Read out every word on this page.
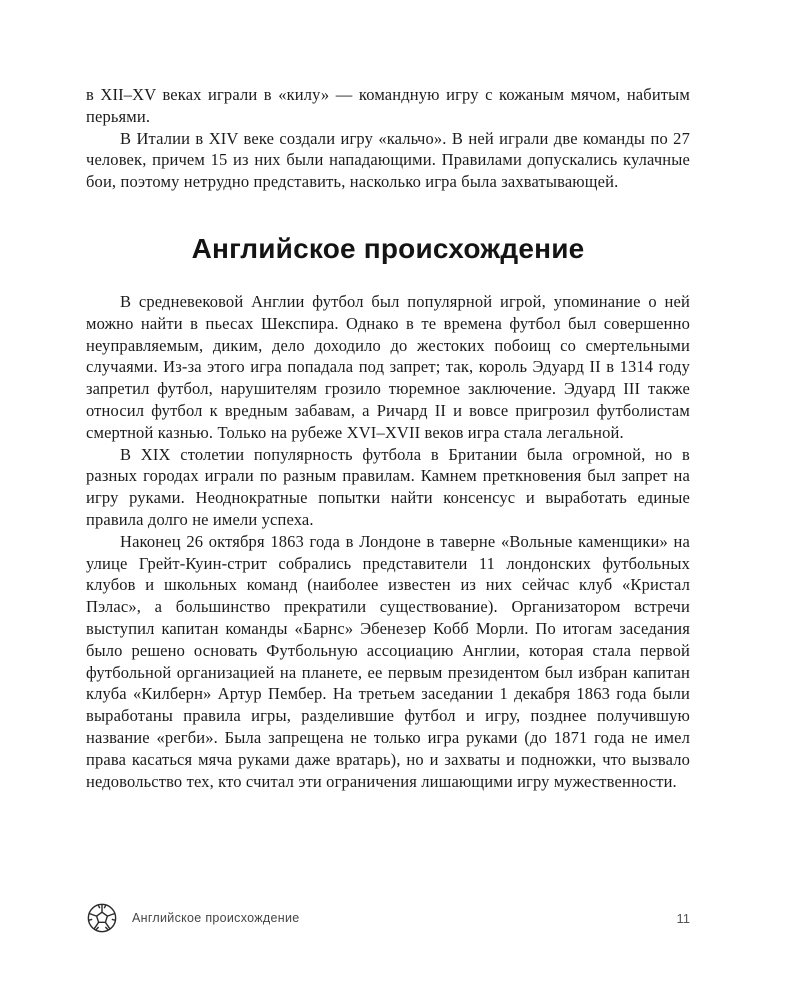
в XII–XV веках играли в «килу» — командную игру с кожаным мячом, набитым перьями.

В Италии в XIV веке создали игру «кальчо». В ней играли две команды по 27 человек, причем 15 из них были нападающими. Правилами допускались кулачные бои, поэтому нетрудно представить, насколько игра была захватывающей.

Английское происхождение

В средневековой Англии футбол был популярной игрой, упоминание о ней можно найти в пьесах Шекспира. Однако в те времена футбол был совершенно неуправляемым, диким, дело доходило до жестоких побоищ со смертельными случаями. Из-за этого игра попадала под запрет; так, король Эдуард II в 1314 году запретил футбол, нарушителям грозило тюремное заключение. Эдуард III также относил футбол к вредным забавам, а Ричард II и вовсе пригрозил футболистам смертной казнью. Только на рубеже XVI–XVII веков игра стала легальной.

В XIX столетии популярность футбола в Британии была огромной, но в разных городах играли по разным правилам. Камнем преткновения был запрет на игру руками. Неоднократные попытки найти консенсус и выработать единые правила долго не имели успеха.

Наконец 26 октября 1863 года в Лондоне в таверне «Вольные каменщики» на улице Грейт-Куин-стрит собрались представители 11 лондонских футбольных клубов и школьных команд (наиболее известен из них сейчас клуб «Кристал Пэлас», а большинство прекратили существование). Организатором встречи выступил капитан команды «Барнс» Эбенезер Кобб Морли. По итогам заседания было решено основать Футбольную ассоциацию Англии, которая стала первой футбольной организацией на планете, ее первым президентом был избран капитан клуба «Килберн» Артур Пембер. На третьем заседании 1 декабря 1863 года были выработаны правила игры, разделившие футбол и игру, позднее получившую название «регби». Была запрещена не только игра руками (до 1871 года не имел права касаться мяча руками даже вратарь), но и захваты и подножки, что вызвало недовольство тех, кто считал эти ограничения лишающими игру мужественности.

Английское происхождение	11
